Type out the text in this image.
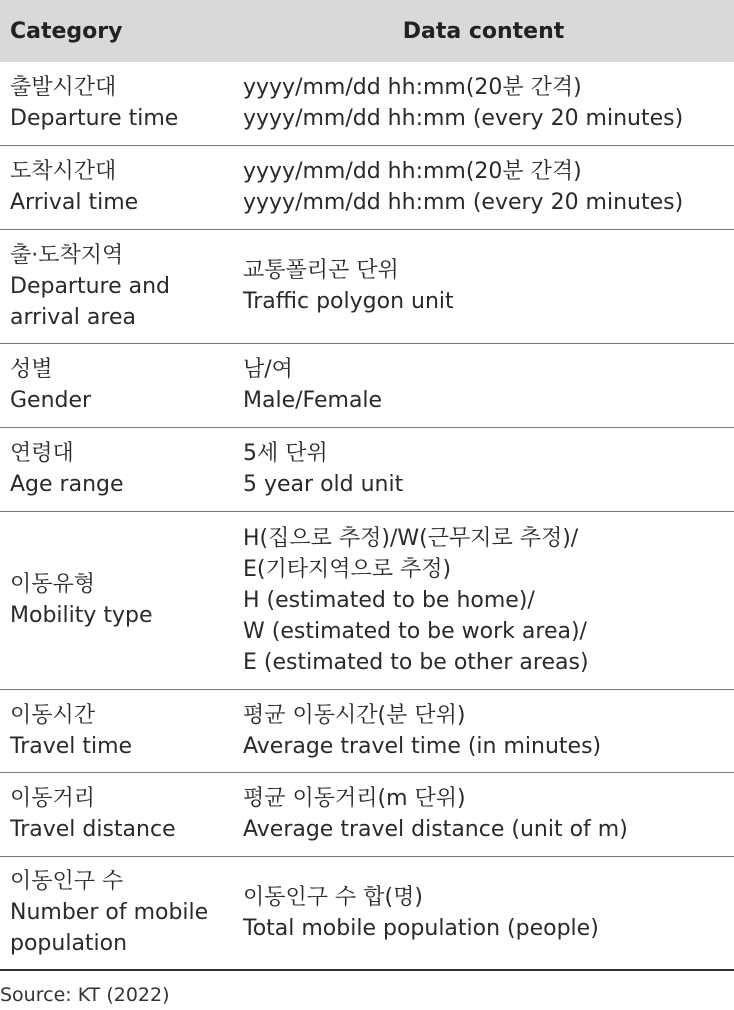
Category	Data content

출발시간대
Departure time	yyyy/mm/dd hh:mm(20분 간격)
yyyy/mm/dd hh:mm (every 20 minutes)

도착시간대
Arrival time	yyyy/mm/dd hh:mm(20분 간격)
yyyy/mm/dd hh:mm (every 20 minutes)

출·도착지역
Departure and
arrival area	교통폴리곤 단위
Traffic polygon unit

성별
Gender	남/여
Male/Female

연령대
Age range	5세 단위
5 year old unit

이동유형
Mobility type	H(집으로 추정)/W(근무지로 추정)/
E(기타지역으로 추정)
H (estimated to be home)/
W (estimated to be work area)/
E (estimated to be other areas)

이동시간
Travel time	평균 이동시간(분 단위)
Average travel time (in minutes)

이동거리
Travel distance	평균 이동거리(m 단위)
Average travel distance (unit of m)

이동인구 수
Number of mobile
population	이동인구 수 합(명)
Total mobile population (people)
Source: KT (2022)
